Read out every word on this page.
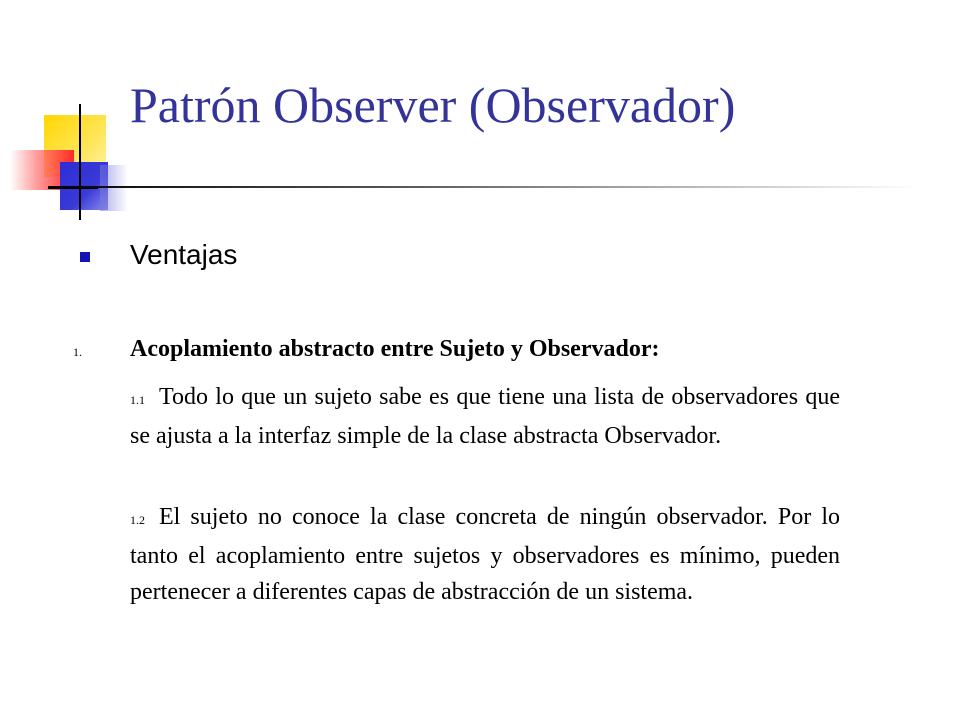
Patrón Observer (Observador)
Ventajas
1. Acoplamiento abstracto entre Sujeto y Observador:
1.1 Todo lo que un sujeto sabe es que tiene una lista de observadores que se ajusta a la interfaz simple de la clase abstracta Observador.
1.2 El sujeto no conoce la clase concreta de ningún observador. Por lo tanto el acoplamiento entre sujetos y observadores es mínimo, pueden pertenecer a diferentes capas de abstracción de un sistema.
